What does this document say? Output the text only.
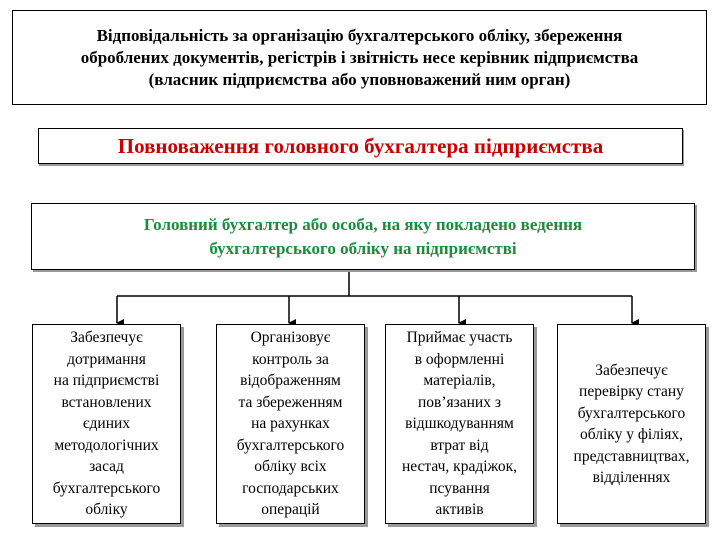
Відповідальність за організацію бухгалтерського обліку, збереження
оброблених документів, регістрів і звітність несе керівник підприємства
(власник підприємства або уповноважений ним орган)
Повноваження головного бухгалтера підприємства
Головний бухгалтер або особа, на яку покладено ведення
бухгалтерського обліку на підприємстві
Забезпечує
дотримання
на підприємстві
встановлених
єдиних
методологічних
засад
бухгалтерського
обліку
Організовує
контроль за
відображенням
та збереженням
на рахунках
бухгалтерського
обліку всіх
господарських
операцій
Приймає участь
в оформленні
матеріалів,
пов’язаних з
відшкодуванням
втрат від
нестач, крадіжок,
псування
активів
Забезпечує
перевірку стану
бухгалтерського
обліку у філіях,
представництвах,
відділеннях
